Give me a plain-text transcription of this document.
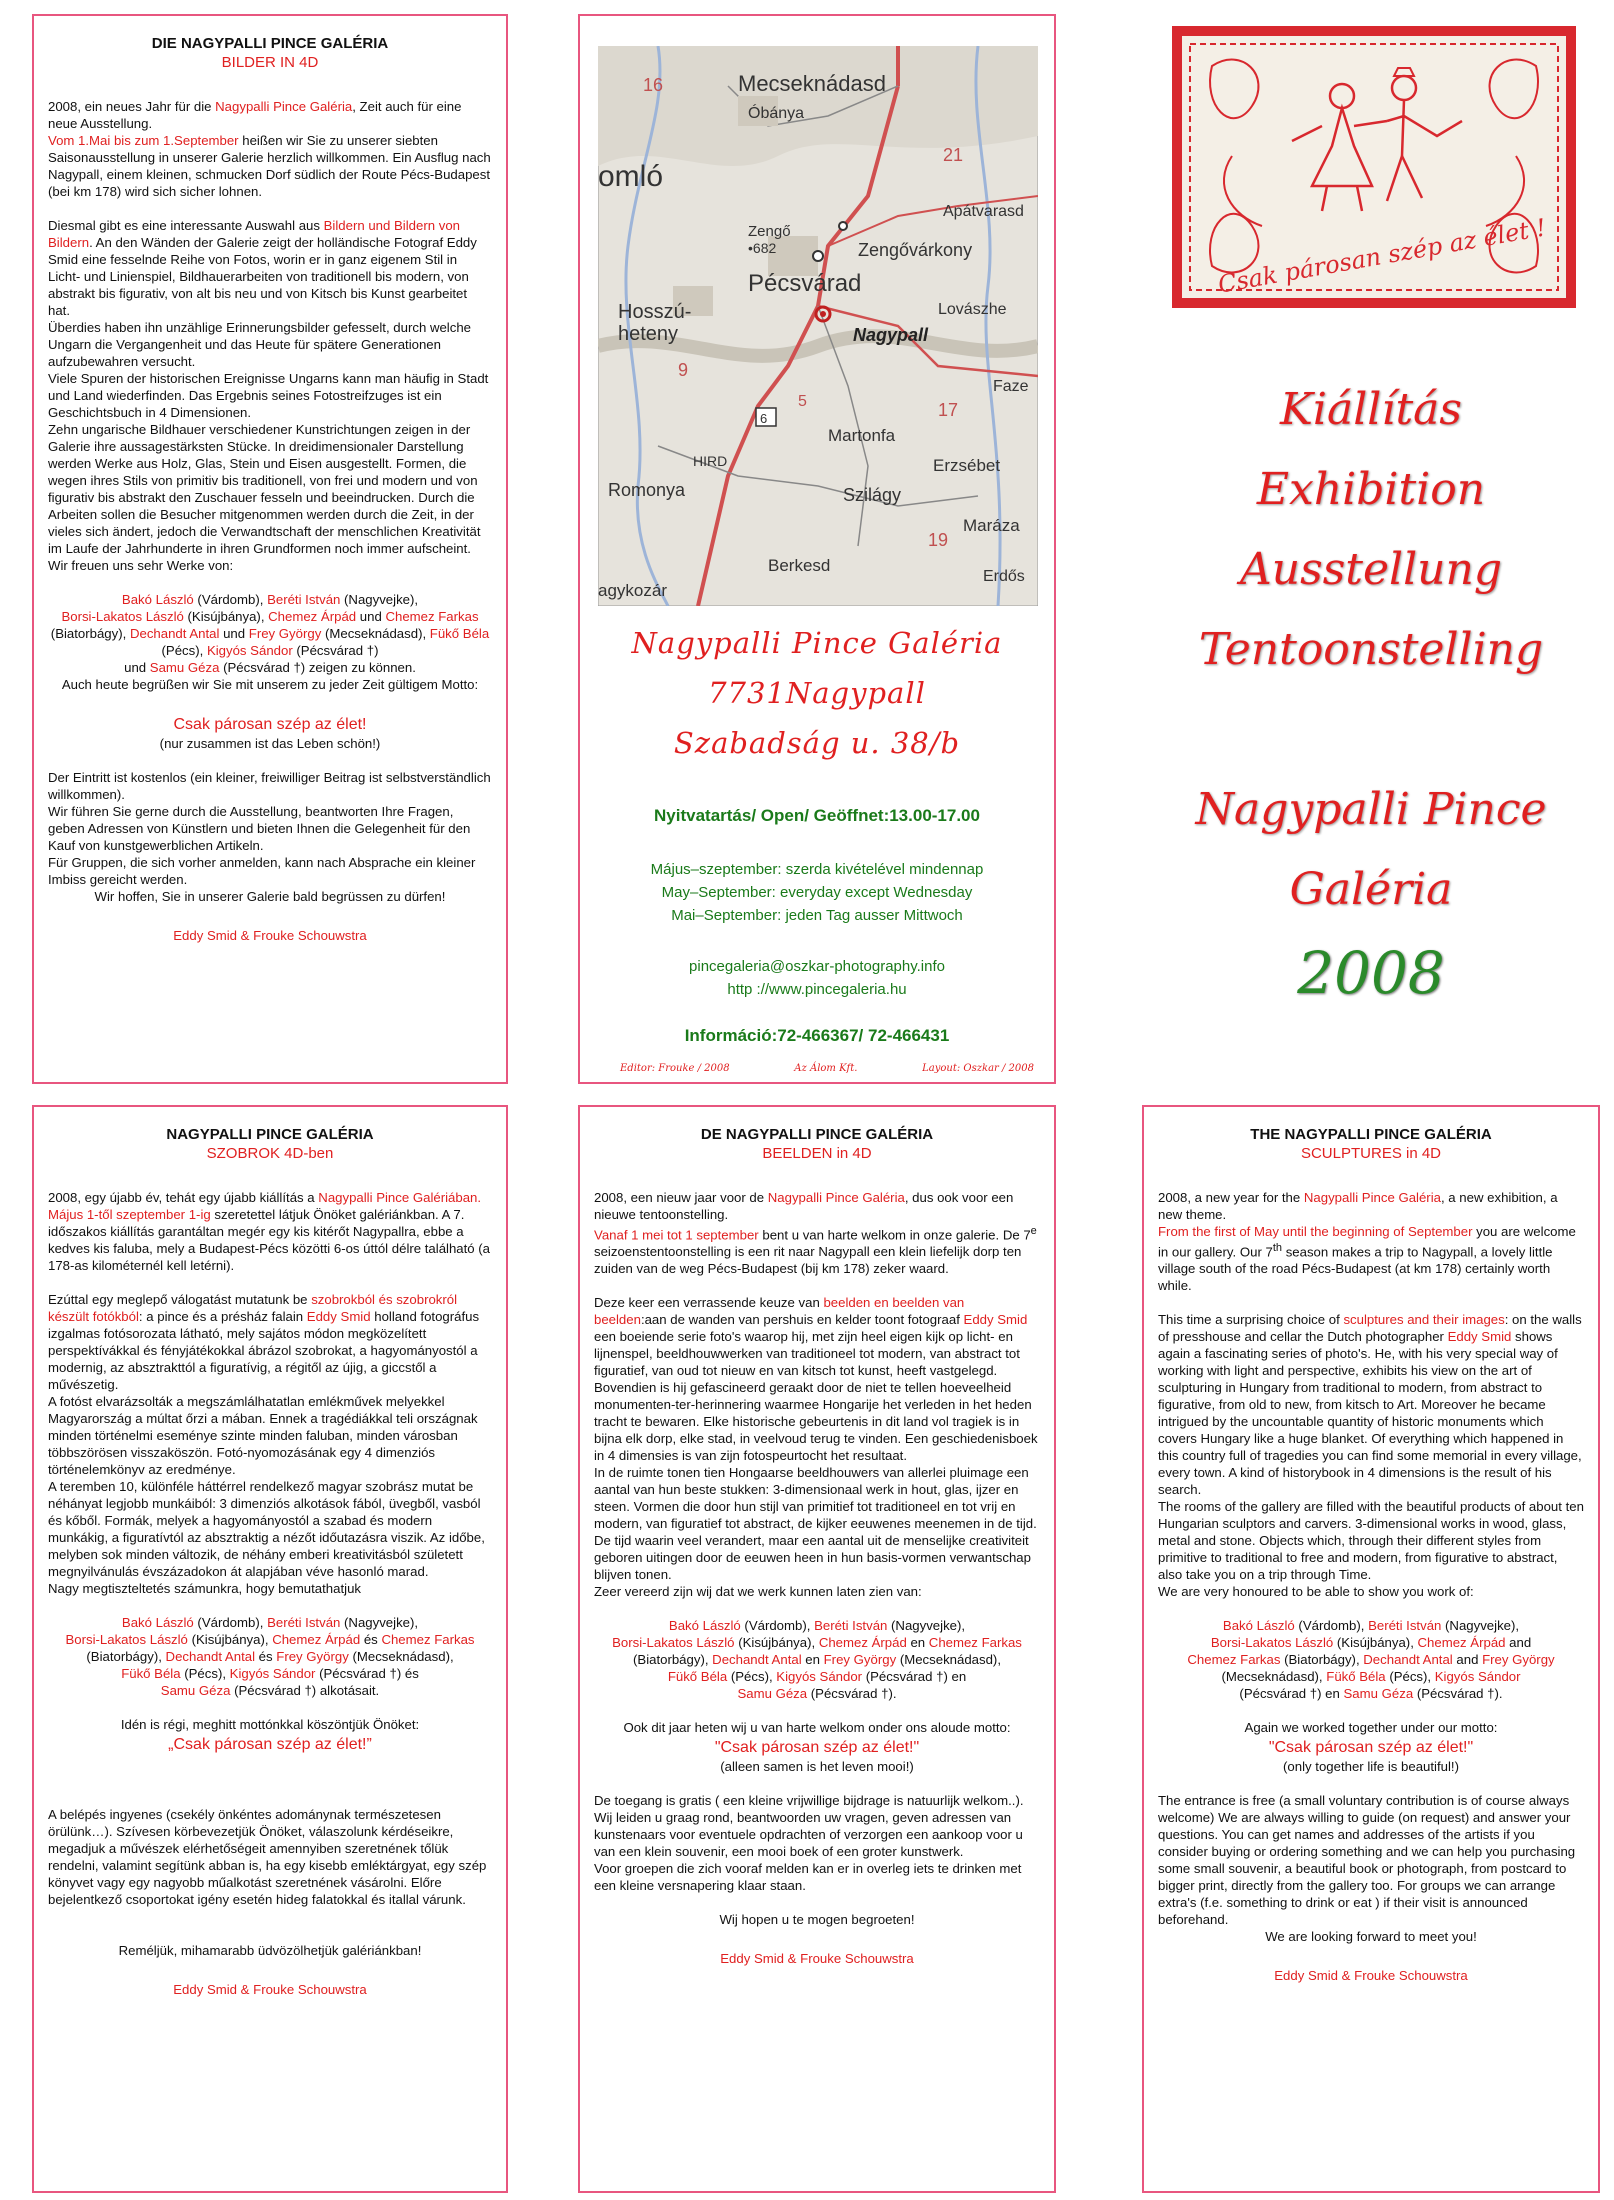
DIE NAGYPALLI PINCE GALÉRIA
BILDER IN 4D

2008, ein neues Jahr für die Nagypalli Pince Galéria, Zeit auch für eine neue Ausstellung.

Vom 1.Mai bis zum 1.September heißen wir Sie zu unserer siebten Saisonausstellung in unserer Galerie herzlich willkommen. Ein Ausflug nach Nagypall, einem kleinen, schmucken Dorf südlich der Route Pécs-Budapest (bei km 178) wird sich sicher lohnen.

Diesmal gibt es eine interessante Auswahl aus Bildern und Bildern von Bildern. An den Wänden der Galerie zeigt der holländische Fotograf Eddy Smid eine fesselnde Reihe von Fotos, worin er in ganz eigenem Stil in Licht- und Linienspiel, Bildhauerarbeiten von traditionell bis modern, von abstrakt bis figurativ, von alt bis neu und von Kitsch bis Kunst gearbeitet hat.

Überdies haben ihn unzählige Erinnerungsbilder gefesselt, durch welche Ungarn die Vergangenheit und das Heute für spätere Generationen aufzubewahren versucht.

Viele Spuren der historischen Ereignisse Ungarns kann man häufig in Stadt und Land wiederfinden. Das Ergebnis seines Fotostreifzuges ist ein Geschichtsbuch in 4 Dimensionen.

Zehn ungarische Bildhauer verschiedener Kunstrichtungen zeigen in der Galerie ihre aussagestärksten Stücke. In dreidimensionaler Darstellung werden Werke aus Holz, Glas, Stein und Eisen ausgestellt. Formen, die wegen ihres Stils von primitiv bis traditionell, von frei und modern und von figurativ bis abstrakt den Zuschauer fesseln und beeindrucken. Durch die Arbeiten sollen die Besucher mitgenommen werden durch die Zeit, in der vieles sich ändert, jedoch die Verwandtschaft der menschlichen Kreativität im Laufe der Jahrhunderte in ihren Grundformen noch immer aufscheint.

Wir freuen uns sehr Werke von:

Bakó László (Várdomb), Beréti István (Nagyvejke),
Borsi-Lakatos László (Kisújbánya), Chemez Árpád und Chemez Farkas (Biatorbágy), Dechandt Antal und Frey György (Mecseknádasd), Fükő Béla (Pécs), Kigyós Sándor (Pécsvárad †)
und Samu Géza (Pécsvárad †) zeigen zu können.

Auch heute begrüßen wir Sie mit unserem zu jeder Zeit gültigem Motto:

Csak párosan szép az élet!

(nur zusammen ist das Leben schön!)

Der Eintritt ist kostenlos (ein kleiner, freiwilliger Beitrag ist selbstverständlich willkommen).

Wir führen Sie gerne durch die Ausstellung, beantworten Ihre Fragen, geben Adressen von Künstlern und bieten Ihnen die Gelegenheit für den Kauf von kunstgewerblichen Artikeln.

Für Gruppen, die sich vorher anmelden, kann nach Absprache ein kleiner Imbiss gereicht werden.

Wir hoffen, Sie in unserer Galerie bald begrüssen zu dürfen!

Eddy Smid & Frouke Schouwstra
Mecseknádasd
Óbánya
omló
Apátvarasd
Zengő
•682	Zengővárkony
Pécsvárad
Hosszú-
heteny
Lovászhe
Nagypall
Faze
HIRD
Martonfa
Romonya
Erzsébet
Szilágy
Marázа
Berkesd
Erdős
agykozár
16
21
9
6	17
19
5
Nagypalli Pince Galéria
7731Nagypall
Szabadság u. 38/b
Nyitvatartás/ Open/ Geöffnet:13.00-17.00
Május–szeptember: szerda kivételével mindennap
May–September: everyday except Wednesday
Mai–September: jeden Tag ausser Mittwoch
pincegaleria@oszkar-photography.info
http ://www.pincegaleria.hu
Információ:72-466367/ 72-466431
Editor: Frouke / 2008	Az Álom Kft.	Layout: Oszkar / 2008
Csak párosan szép az élet !
Kiállítás
Exhibition
Ausstellung
Tentoonstelling
Nagypalli Pince
Galéria
2008
NAGYPALLI PINCE GALÉRIA
SZOBROK 4D-ben

2008, egy újabb év, tehát egy újabb kiállítás a Nagypalli Pince Galériában.

Május 1-től szeptember 1-ig szeretettel látjuk Önöket galériánkban. A 7. időszakos kiállítás garantáltan megér egy kis kitérőt Nagypallra, ebbe a kedves kis faluba, mely a Budapest-Pécs közötti 6-os úttól délre található (a 178-as kilométernél kell letérni).

Ezúttal egy meglepő válogatást mutatunk be szobrokból és szobrokról készült fotókból: a pince és a présház falain Eddy Smid holland fotográfus izgalmas fotósorozata látható, mely sajátos módon megközelített perspektívákkal és fényjátékokkal ábrázol szobrokat, a hagyományostól a modernig, az absztrakttól a figuratívig, a régitől az újig, a giccstől a művészetig.

A fotóst elvarázsolták a megszámlálhatatlan emlékművek melyekkel Magyarország a múltat őrzi a mában. Ennek a tragédiákkal teli országnak minden történelmi eseménye szinte minden faluban, minden városban többszörösen visszaköszön. Fotó-nyomozásának egy 4 dimenziós történelemkönyv az eredménye.

A teremben 10, különféle háttérrel rendelkező magyar szobrász mutat be néhányat legjobb munkáiból: 3 dimenziós alkotások fából, üvegből, vasból és kőből. Formák, melyek a hagyományostól a szabad és modern munkákig, a figuratívtól az absztraktig a nézőt időutazásra viszik. Az időbe, melyben sok minden változik, de néhány emberi kreativitásból született megnyilvánulás évszázadokon át alapjában véve hasonló marad.

Nagy megtiszteltetés számunkra, hogy bemutathatjuk

Bakó László (Várdomb), Beréti István (Nagyvejke),
Borsi-Lakatos László (Kisújbánya), Chemez Árpád és Chemez Farkas
(Biatorbágy), Dechandt Antal és Frey György (Mecseknádasd),
Fükő Béla (Pécs), Kigyós Sándor (Pécsvárad †) és
Samu Géza (Pécsvárad †) alkotásait.

Idén is régi, meghitt mottónkkal köszöntjük Önöket:

„Csak párosan szép az élet!”

A belépés ingyenes (csekély önkéntes adománynak természetesen örülünk…). Szívesen körbevezetjük Önöket, válaszolunk kérdéseikre, megadjuk a művészek elérhetőségeit amennyiben szeretnének tőlük rendelni, valamint segítünk abban is, ha egy kisebb emléktárgyat, egy szép könyvet vagy egy nagyobb műalkotást szeretnének vásárolni. Előre bejelentkező csoportokat igény esetén hideg falatokkal és itallal várunk.

Reméljük, mihamarabb üdvözölhetjük galériánkban!

Eddy Smid & Frouke Schouwstra
DE NAGYPALLI PINCE GALÉRIA
BEELDEN in 4D

2008, een nieuw jaar voor de Nagypalli Pince Galéria, dus ook voor een nieuwe tentoonstelling.

Vanaf 1 mei tot 1 september bent u van harte welkom in onze galerie. De 7e seizoenstentoonstelling is een rit naar Nagypall een klein liefelijk dorp ten zuiden van de weg Pécs-Budapest (bij km 178) zeker waard.

Deze keer een verrassende keuze van beelden en beelden van beelden:aan de wanden van pershuis en kelder toont fotograaf Eddy Smid een boeiende serie foto's waarop hij, met zijn heel eigen kijk op licht- en lijnenspel, beeldhouwwerken van traditioneel tot modern, van abstract tot figuratief, van oud tot nieuw en van kitsch tot kunst, heeft vastgelegd. Bovendien is hij gefascineerd geraakt door de niet te tellen hoeveelheid monumenten-ter-herinnering waarmee Hongarije het verleden in het heden tracht te bewaren. Elke historische gebeurtenis in dit land vol tragiek is in bijna elk dorp, elke stad, in veelvoud terug te vinden. Een geschiedenisboek in 4 dimensies is van zijn fotospeurtocht het resultaat.

In de ruimte tonen tien Hongaarse beeldhouwers van allerlei pluimage een aantal van hun beste stukken: 3-dimensionaal werk in hout, glas, ijzer en steen. Vormen die door hun stijl van primitief tot traditioneel en tot vrij en modern, van figuratief tot abstract, de kijker eeuwenes meenemen in de tijd. De tijd waarin veel verandert, maar een aantal uit de menselijke creativiteit geboren uitingen door de eeuwen heen in hun basis-vormen verwantschap blijven tonen.

Zeer vereerd zijn wij dat we werk kunnen laten zien van:

Bakó László (Várdomb), Beréti István (Nagyvejke),
Borsi-Lakatos László (Kisújbánya), Chemez Árpád en Chemez Farkas
(Biatorbágy), Dechandt Antal en Frey György (Mecseknádasd),
Fükő Béla (Pécs), Kigyós Sándor (Pécsvárad †) en
Samu Géza (Pécsvárad †).

Ook dit jaar heten wij u van harte welkom onder ons aloude motto:

"Csak párosan szép az élet!"

(alleen samen is het leven mooi!)

De toegang is gratis ( een kleine vrijwillige bijdrage is natuurlijk welkom..).

Wij leiden u graag rond, beantwoorden uw vragen, geven adressen van kunstenaars voor eventuele opdrachten of verzorgen een aankoop voor u van een klein souvenir, een mooi boek of een groter kunstwerk.

Voor groepen die zich vooraf melden kan er in overleg iets te drinken met een kleine versnapering klaar staan.

Wij hopen u te mogen begroeten!

Eddy Smid & Frouke Schouwstra
THE NAGYPALLI PINCE GALÉRIA
SCULPTURES in 4D

2008, a new year for the Nagypalli Pince Galéria, a new exhibition, a new theme.

From the first of May until the beginning of September you are welcome in our gallery. Our 7th season makes a trip to Nagypall, a lovely little village south of the road Pécs-Budapest (at km 178) certainly worth while.

This time a surprising choice of sculptures and their images: on the walls of presshouse and cellar the Dutch photographer Eddy Smid shows again a fascinating series of photo's. He, with his very special way of working with light and perspective, exhibits his view on the art of sculpturing in Hungary from traditional to modern, from abstract to figurative, from old to new, from kitsch to Art. Moreover he became intrigued by the uncountable quantity of historic monuments which covers Hungary like a huge blanket. Of everything which happened in this country full of tragedies you can find some memorial in every village, every town. A kind of historybook in 4 dimensions is the result of his search.

The rooms of the gallery are filled with the beautiful products of about ten Hungarian sculptors and carvers. 3-dimensional works in wood, glass, metal and stone. Objects which, through their different styles from primitive to traditional to free and modern, from figurative to abstract, also take you on a trip through Time.

We are very honoured to be able to show you work of:

Bakó László (Várdomb), Beréti István (Nagyvejke),
Borsi-Lakatos László (Kisújbánya), Chemez Árpád and
Chemez Farkas (Biatorbágy), Dechandt Antal and Frey György
(Mecseknádasd), Fükő Béla (Pécs), Kigyós Sándor
(Pécsvárad †) en Samu Géza (Pécsvárad †).

Again we worked together under our motto:

"Csak párosan szép az élet!"

(only together life is beautiful!)

The entrance is free (a small voluntary contribution is of course always welcome) We are always willing to guide (on request) and answer your questions. You can get names and addresses of the artists if you consider buying or ordering something and we can help you purchasing some small souvenir, a beautiful book or photograph, from postcard to bigger print, directly from the gallery too. For groups we can arrange extra's (f.e. something to drink or eat ) if their visit is announced beforehand.

We are looking forward to meet you!

Eddy Smid & Frouke Schouwstra
